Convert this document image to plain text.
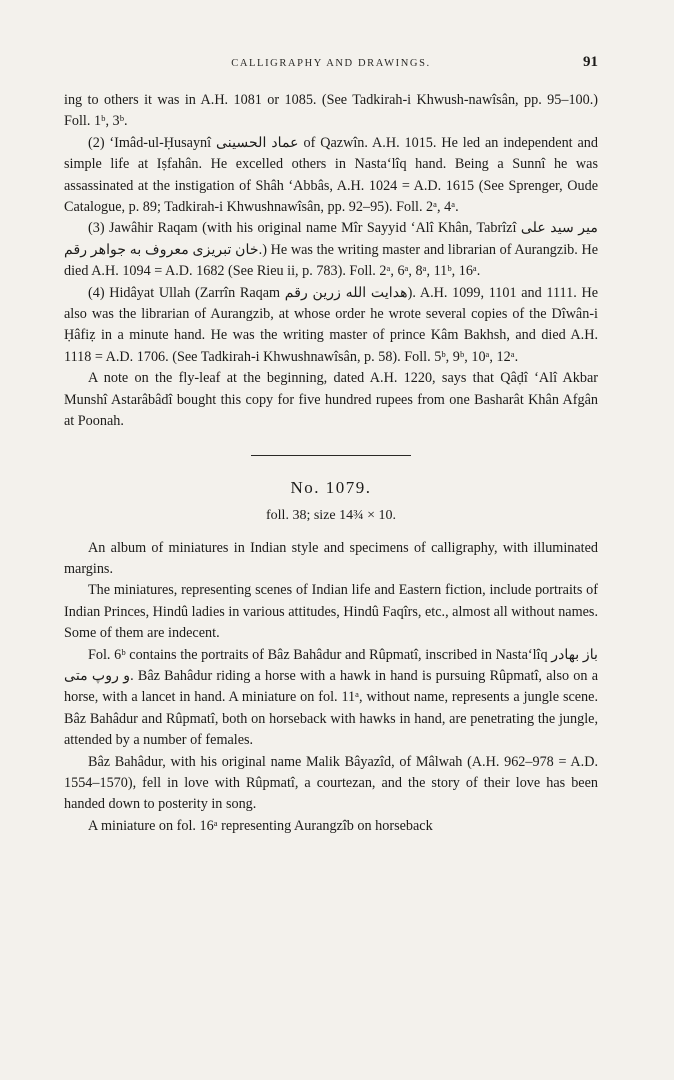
CALLIGRAPHY AND DRAWINGS.	91

ing to others it was in A.H. 1081 or 1085. (See Tadkirah-i Khwush-nawîsân, pp. 95–100.) Foll. 1ᵇ, 3ᵇ.

(2) ‘Imâd-ul-Ḥusaynî عماد الحسینی of Qazwîn. A.H. 1015. He led an independent and simple life at Iṣfahân. He excelled others in Nasta‘lîq hand. Being a Sunnî he was assassinated at the instigation of Shâh ‘Abbâs, A.H. 1024 = A.D. 1615 (See Sprenger, Oude Catalogue, p. 89; Tadkirah-i Khwushnawîsân, pp. 92–95). Foll. 2ᵃ, 4ᵃ.

(3) Jawâhir Raqam (with his original name Mîr Sayyid ‘Alî Khân, Tabrîzî میر سید علی خان تبریزی معروف به جواهر رقم.) He was the writing master and librarian of Aurangzib. He died A.H. 1094 = A.D. 1682 (See Rieu ii, p. 783). Foll. 2ᵃ, 6ᵃ, 8ᵃ, 11ᵇ, 16ᵃ.

(4) Hidâyat Ullah (Zarrîn Raqam هدایت الله زرین رقم). A.H. 1099, 1101 and 1111. He also was the librarian of Aurangzib, at whose order he wrote several copies of the Dîwân-i Ḥâfiẓ in a minute hand. He was the writing master of prince Kâm Bakhsh, and died A.H. 1118 = A.D. 1706. (See Tadkirah-i Khwushnawîsân, p. 58). Foll. 5ᵇ, 9ᵇ, 10ᵃ, 12ᵃ.

A note on the fly-leaf at the beginning, dated A.H. 1220, says that Qâḍî ‘Alî Akbar Munshî Astarâbâdî bought this copy for five hundred rupees from one Basharât Khân Afgân at Poonah.

No. 1079.
foll. 38; size 14¾ × 10.

An album of miniatures in Indian style and specimens of calligraphy, with illuminated margins.

The miniatures, representing scenes of Indian life and Eastern fiction, include portraits of Indian Princes, Hindû ladies in various attitudes, Hindû Faqîrs, etc., almost all without names. Some of them are indecent.

Fol. 6ᵇ contains the portraits of Bâz Bahâdur and Rûpmatî, inscribed in Nasta‘lîq باز بهادر و روپ متی. Bâz Bahâdur riding a horse with a hawk in hand is pursuing Rûpmatî, also on a horse, with a lancet in hand. A miniature on fol. 11ᵃ, without name, represents a jungle scene. Bâz Bahâdur and Rûpmatî, both on horseback with hawks in hand, are penetrating the jungle, attended by a number of females.

Bâz Bahâdur, with his original name Malik Bâyazîd, of Mâlwah (A.H. 962–978 = A.D. 1554–1570), fell in love with Rûpmatî, a courtezan, and the story of their love has been handed down to posterity in song.

A miniature on fol. 16ᵃ representing Aurangzîb on horseback
